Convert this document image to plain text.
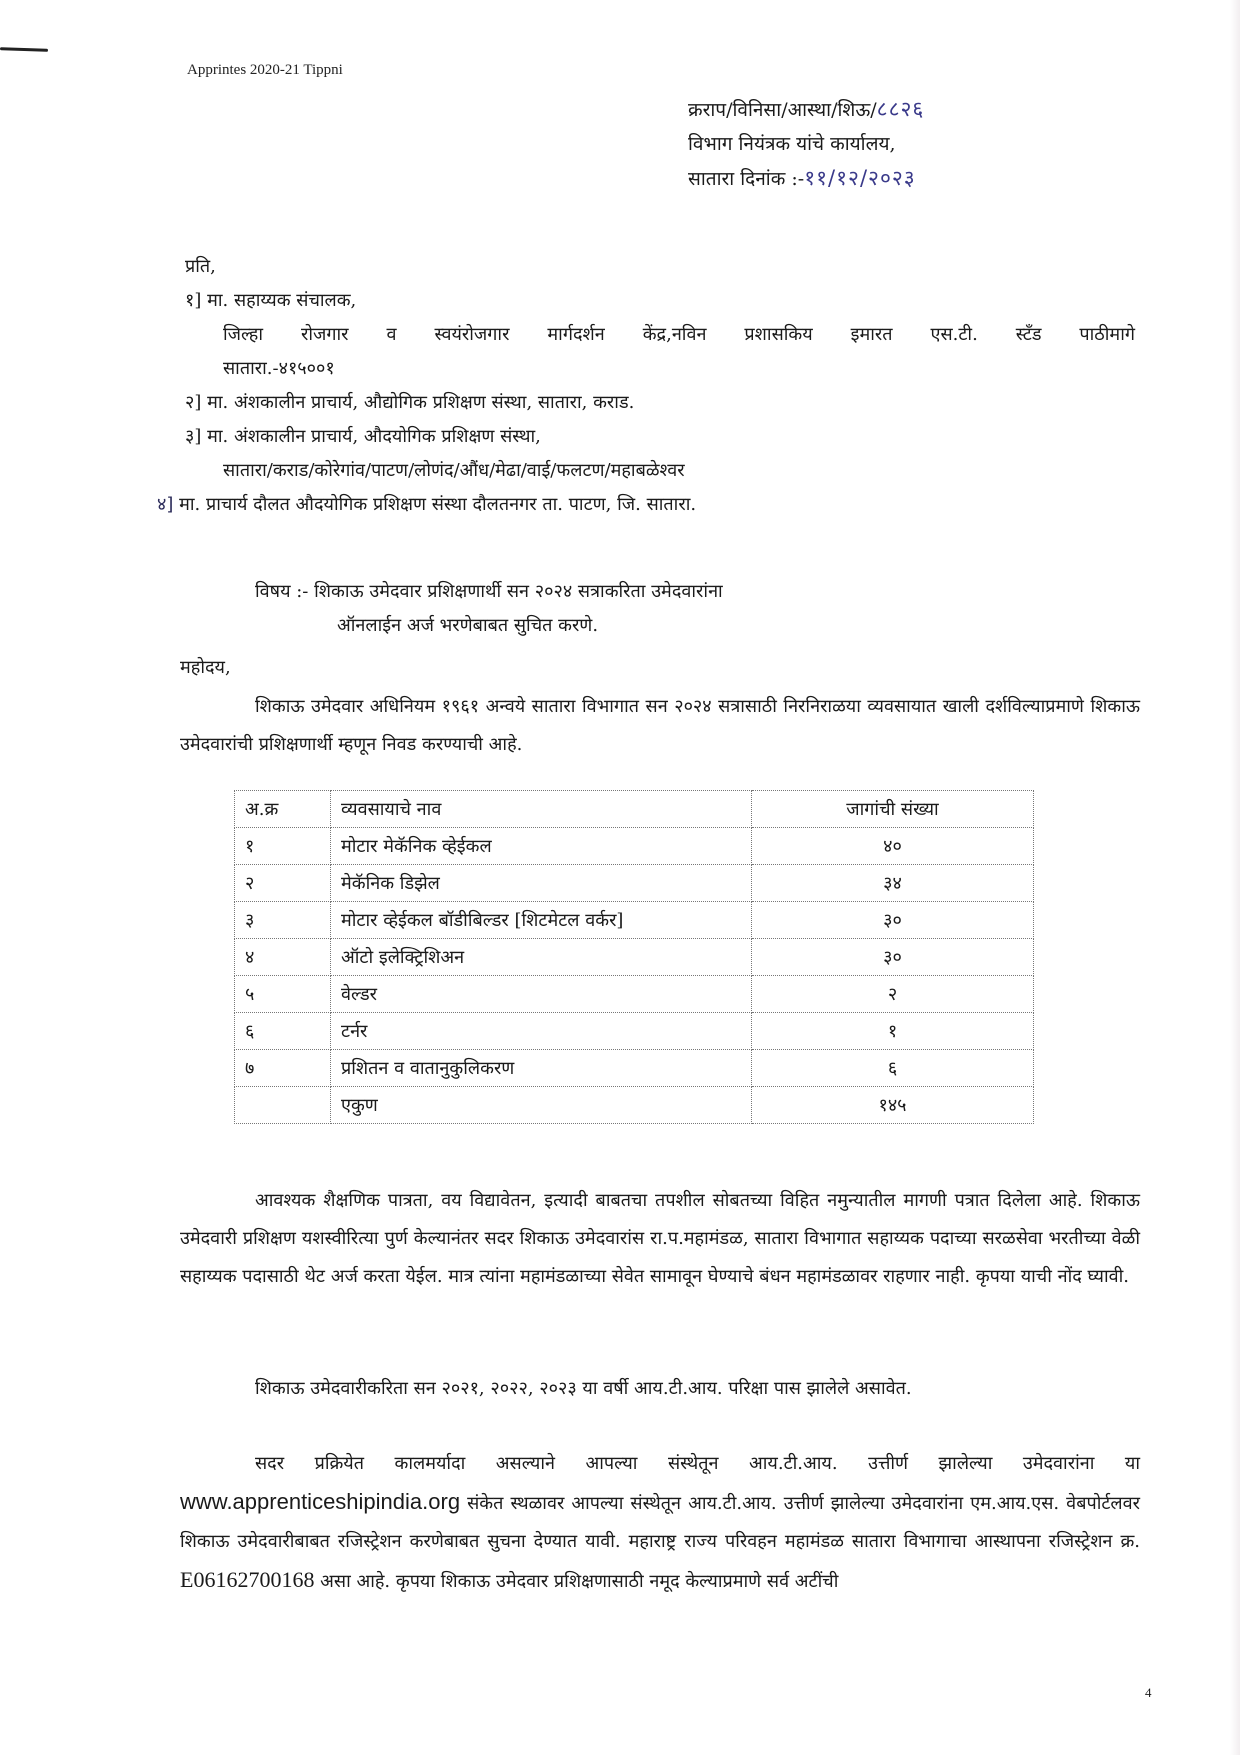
Apprintes 2020-21 Tippni
क्रराप/विनिसा/आस्था/शिऊ/८८२६
विभाग नियंत्रक यांचे कार्यालय,
सातारा दिनांक :-११/१२/२०२३
प्रति,
१] मा. सहाय्यक संचालक,
जिल्हा रोजगार व स्वयंरोजगार मार्गदर्शन केंद्र,नविन प्रशासकिय इमारत एस.टी. स्टॅंड पाठीमागे
सातारा.-४१५००१
२] मा. अंशकालीन प्राचार्य, औद्योगिक प्रशिक्षण संस्था, सातारा, कराड.
३] मा. अंशकालीन प्राचार्य, औदयोगिक प्रशिक्षण संस्था,
सातारा/कराड/कोरेगांव/पाटण/लोणंद/औंध/मेढा/वाई/फलटण/महाबळेश्वर
४] मा. प्राचार्य दौलत औदयोगिक प्रशिक्षण संस्था दौलतनगर ता. पाटण, जि. सातारा.
विषय :- शिकाऊ उमेदवार प्रशिक्षणार्थी सन २०२४ सत्राकरिता उमेदवारांना
ऑनलाईन अर्ज भरणेबाबत सुचित करणे.
महोदय,
शिकाऊ उमेदवार अधिनियम १९६१ अन्वये सातारा विभागात सन २०२४ सत्रासाठी निरनिराळया व्यवसायात खाली दर्शविल्याप्रमाणे शिकाऊ उमेदवारांची प्रशिक्षणार्थी म्हणून निवड करण्याची आहे.
अ.क्र	व्यवसायाचे नाव	जागांची संख्या
१	मोटार मेकॅनिक व्हेईकल	४०
२	मेकॅनिक डिझेल	३४
३	मोटार व्हेईकल बॉडीबिल्डर [शिटमेटल वर्कर]	३०
४	ऑटो इलेक्ट्रिशिअन	३०
५	वेल्डर	२
६	टर्नर	१
७	प्रशितन व वातानुकुलिकरण	६
	एकुण	१४५
आवश्यक शैक्षणिक पात्रता, वय विद्यावेतन, इत्यादी बाबतचा तपशील सोबतच्या विहित नमुन्यातील मागणी पत्रात दिलेला आहे. शिकाऊ उमेदवारी प्रशिक्षण यशस्वीरित्या पुर्ण केल्यानंतर सदर शिकाऊ उमेदवारांस रा.प.महामंडळ, सातारा विभागात सहाय्यक पदाच्या सरळसेवा भरतीच्या वेळी सहाय्यक पदासाठी थेट अर्ज करता येईल. मात्र त्यांना महामंडळाच्या सेवेत सामावून घेण्याचे बंधन महामंडळावर राहणार नाही. कृपया याची नोंद घ्यावी.
शिकाऊ उमेदवारीकरिता सन २०२१, २०२२, २०२३ या वर्षी आय.टी.आय. परिक्षा पास झालेले असावेत.
सदर प्रक्रियेत कालमर्यादा असल्याने आपल्या संस्थेतून आय.टी.आय. उत्तीर्ण झालेल्या उमेदवारांना या www.apprenticeshipindia.org संकेत स्थळावर आपल्या संस्थेतून आय.टी.आय. उत्तीर्ण झालेल्या उमेदवारांना एम.आय.एस. वेबपोर्टलवर शिकाऊ उमेदवारीबाबत रजिस्ट्रेशन करणेबाबत सुचना देण्यात यावी. महाराष्ट्र राज्य परिवहन महामंडळ सातारा विभागाचा आस्थापना रजिस्ट्रेशन क्र. E06162700168 असा आहे. कृपया शिकाऊ उमेदवार प्रशिक्षणासाठी नमूद केल्याप्रमाणे सर्व अटींची
4
